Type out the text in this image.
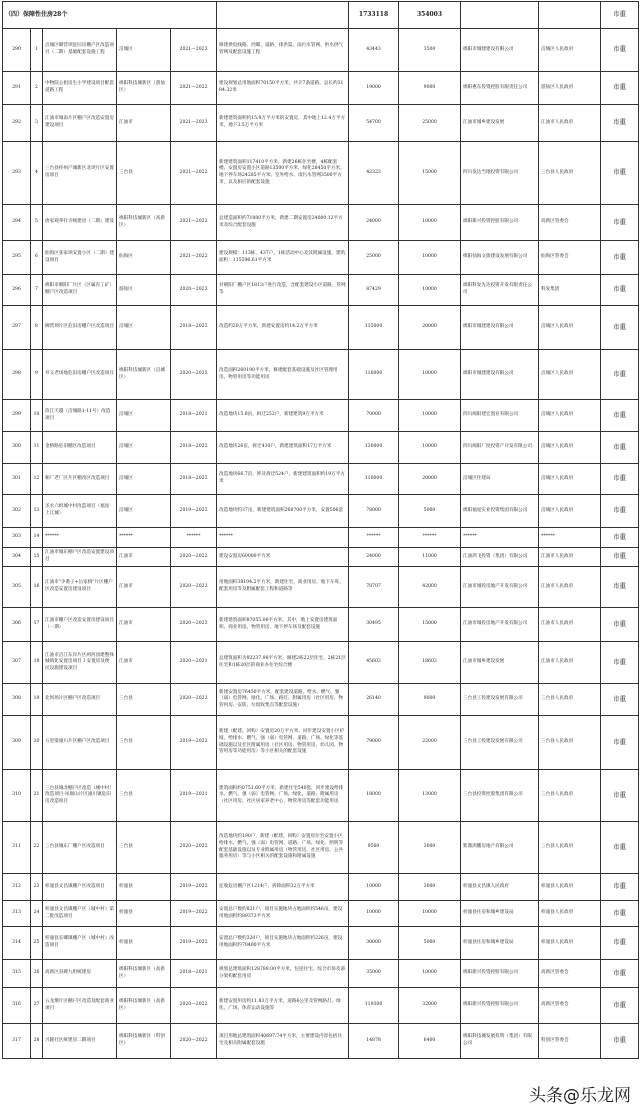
（四）保障性住房28个						1733118	354003			市重
290	1	涪城区御营坝危旧房棚户区改造项目（二期）基础配套设施工程	涪城区	2021—2023	修建供电线路、西蜀、道路、排洪渠、雨污水管网、供水供气管网及配套设施工程	43443	3500	绵阳市城建建设有限公司	涪城区人民政府	市重
291	2	中物院公租房生小学建设项目配套道路工程	绵阳科技城新区（游仙区）	2021—2022	建设规划总用地面积70150平方米，共计7条道路，总长约3184.32米	19000	9000	绵阳惠东投资控股有限责任公司	游仙区人民政府	市重
292	3	江油市城南片区棚户区改造安置房建设项目	江油市	2021—2023	新建建筑面积约15.9万平方米的安置房，其中地上12.4万平方米，地下3.5万平方米	54700	25000	江油市城乡建设发展	江油市人民政府	市重
293	4	三台县梓州产城新区北坝片区安置房项目	三台县	2021—2022	新建建筑面积117410平方米，新建26栋住宅楼，4栋配套楼。安置房安置小区道路13500平方米，绿化28450平方米，地下停车场24285平方米。室外给水、雨污水管网3500平方米，以及相应的配套设施	42323	15000	四川发达当地投资有限公司	三台县人民政府	市重
294	5	唐家观茅针寺统建房（二期）建设	绵阳科技城新区（高新区）	2021—2022	总建造面积约71800平方米，新建二期安置房24000.12平方米及综合配套设施	24000	10000	绵阳新兴投资控股有限公司	高新区管委会	市重
295	6	仙海区张家坝安置小区（二期）建设项目	仙海区	2021—2022	建设规模：113栋，437户，1栋活动中心及其附属设施，建筑面积：115596.61平方米	25000	10000	绵阳仙海文旅建设发展有限公司	仙海区管委会	市重
296	7	绵阳市朝阳厂片区（区属有工矿）棚户区改造项目	游仙区	2020—2023	对朝阳厂棚户区1813户进行改造，含配套建设小区道路，管网等	87429	10000	绵阳科发先达投资开发有限责任公司	科发集团	市重
297	8	御营坝片区危旧房棚户区改造项目	涪城区	2018—2023	改造约20万平方米，新建安置房约14.2万平方米	115000	20000	绵阳市城建建设有限公司	涪城区人民政府	市重
298	9	井义老场地危旧房棚户区改造项目	绵阳科技城新区（涪城区）	2020—2025	改造面积260190平方米，修建配套基础设施及社区管理用房、物管用房等功能用房	116000	10000	绵阳市城建建设有限公司	涪城区人民政府	市重
299	10	滨江天越（涪城路1-11号）改造项目	涪城区	2018—2021	改造地块15.8亩，拆迁252户，新建建筑9万平方米	70000	10000	四川绵阳建宏置业有限公司	涪城区人民政府	市重
300	11	金桥路危旧棚区改造项目	涪城区	2018—2022	改造地块26亩，拆迁430户，新建建筑面积17万平方米	130000	10000	四川绵阳厂度投资产开发有限公司	涪城区人民政府	市重
301	12	朝厂老厂区片区棚改区改造项目	涪城区	2018—2023	改造地块66.7亩，涉及拆迁524户，新建建筑面积约19万平方米	110000	20000	涪城区住建局	涪城区人民政府	市重
302	13	圣水六组城中村改造项目（福星·上江城）	涪城区	2019—2023	改造地块约37亩，新建建筑面积268700平方米，安置506套	78000	5000	绵阳福星实业投资集团有限公司	涪城区人民政府	市重
303	14	******	******	******	******	******	******	******	******	市重
304	15	江油市城东棚户区改造安置建设项目	江油市	2020—2022	建设安置房60000平方米	24000	11000	江油鸿飞投资（集团）有限公司	江油市人民政府	市重
305	16	江油市"少番子+岳家桥"片区棚户区改造安置房建设项目	江油市	2020—2022	用地面积38194.2平方米，新建住宅、商业用房、地下车库、配套用房等及附属配套工程和道路等	78707	42000	江油市城投房地产开发有限公司	江油市人民政府	市重
306	17	江油市棚户区改造安置房建设项目（一期）	江油市	2020—2023	新建建筑面积87055.06平方米，其中，地上安置房建筑面积、商业用房、物管用房，地下停车场及配套设施	30495	15000	江油市城投房地产开发有限公司	江油市人民政府	市重
307	18	江油市涪江东岸片区两河园建整体城镇化安置房项目 Ⅰ 安置房及便民设施建设项目	江油市	2020—2021	总建筑面积为92237.98平方米，修建2栋22层住宅，2栋21层住宅和1栋20层的商业办住宅综合楼	45603	18603	江油市城乡建设发展	江油市人民政府	市重
308	19	北坝场片区棚户区改造项目	三台县	2020—2022	新建安置房76450平方米，配套建设道路、给水、燃气、强（弱）电管网、绿化、广场、路灯、附属用房（社区用房、物管用房、安防、垃圾收集点等配套设施）	26140	9000	三台县工投建设发展有限公司	三台县人民政府	市重
309	20	五里梁潼川片区棚户区改造项目	三台县	2019—2022	新建（配建、回购）安置房20万平方米，同步建设安置小区护坡、给排水、燃气、强（弱）电管网、道路、广场、绿化等基础设施以及社区附属用房（社区用房、物管用房、幼儿园、物管用房等功能用房）等小区相关的配套设施	79000	22000	三台县工投建设发展有限公司	三台县人民政府	市重
310	21	三台县城北棚户区改造（城中村）改造项目-凤凰山片区潼川镇危旧房改造项目	三台县	2019—2021	建筑面积约0751.60平方米，新建住宅540套，同步建设给排水、燃气、强（弱）电管网、广场、绿化、道路、附属用房（社区用房、社区居家养老中心、物管用房等配套功能用房	18000	13000	三台县投资控股集团有限公司	三台县人民政府	市重
311	22	三台县城东厂棚户区改造项目	三台县	2020—2022	改造地块约190户，新建（配建、回购）安置房住宅安置小区给排水、燃气、强（弱）电管网、道路、广场、绿化、照明等配套基础设施以及专业附属用房（物管用房、社区用房、公共服务用房）等与小区相关的配套设施和附属设施	9500	3000	紫鼎鸿鹏房地产有限公司	三台县人民政府	市重
312	23	梓潼县文昌镇棚户区改造项目	梓潼县	2019—2022	征收危房棚户区1214户，拆除面积32万平方米	10000	3000	梓潼县文昌镇人民政府	梓潼县人民政府	市重
313	24	梓潼县文昌镇棚户区（城中村）第二批改造项目	梓潼县	2019—2022	安置总户数约821户，项目实施地块占地面积约546亩，建设用地面积约89373平方米	10000	10000	梓潼县住房和城乡建设局	梓潼县人民政府	市重
314	25	梓潼县长卿镇棚户区（城中村）改造项目	梓潼县	2019—2022	安置总户数约320户，项目实施地块占地面积约226亩，建设用地面积约70400平方米	30000	5000	梓潼县住房和城乡建设局	梓潼县人民政府	市重
315	26	高新区双碑九组统建房	绵阳科技城新区（高新区）	2018—2021	规划总建筑面积128789.00平方米，包括住宅、综合市场及部分架构配套用房	35000	10000	绵阳新兴投资控股有限公司	高新区管委会	市重
316	27	五龙堰片区棚户区改造及配套商业项目	绵阳科技城新区（高新区）	2020—2022	新建安置用房约11.83万平方米，道路6公里及管网路灯、绿化、广场、体育运动设施等	119300	32000	绵阳新兴投资控股有限公司	高新区管委会	市重
317	28	兴隆社区统建房二期项目	绵阳科技城新区（科创区）	2020—2022	项目用地总建筑面积40697.74平方米，主要建设内容包括住宅及相关附属配套设施	14878	6400	绵阳科技城发展投资（集团）有限公司	科创区管委会	市重
头条@乐龙网
